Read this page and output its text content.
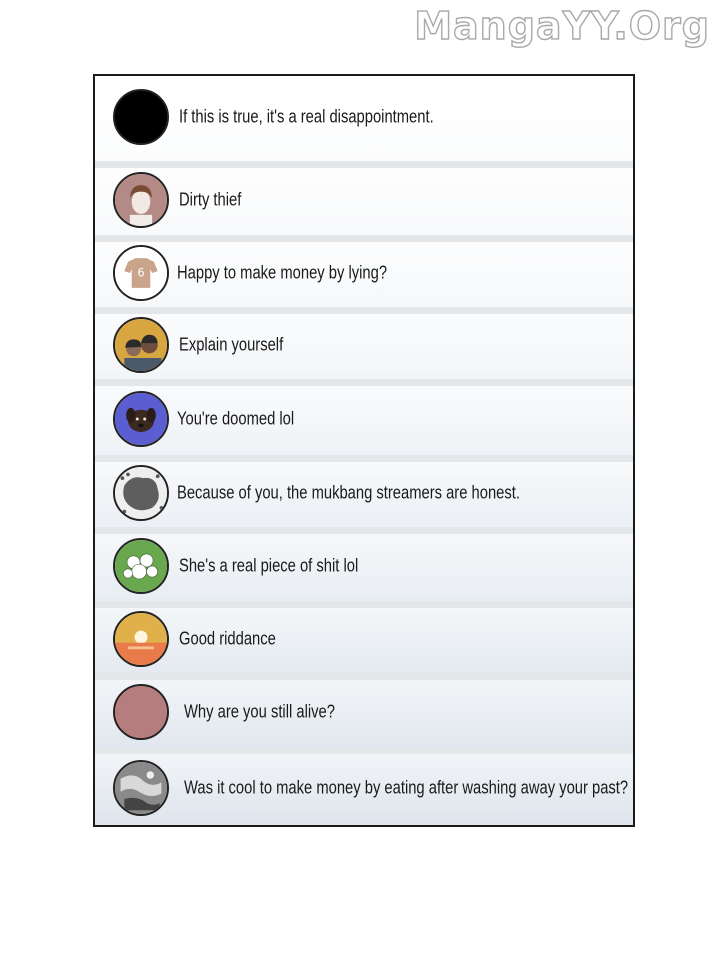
MangaYY.Org
If this is true, it's a real disappointment.
Dirty thief
6 Happy to make money by lying?
Explain yourself
You're doomed lol
Because of you, the mukbang streamers are honest.
She's a real piece of shit lol
Good riddance
Why are you still alive?
Was it cool to make money by eating after washing away your past?
